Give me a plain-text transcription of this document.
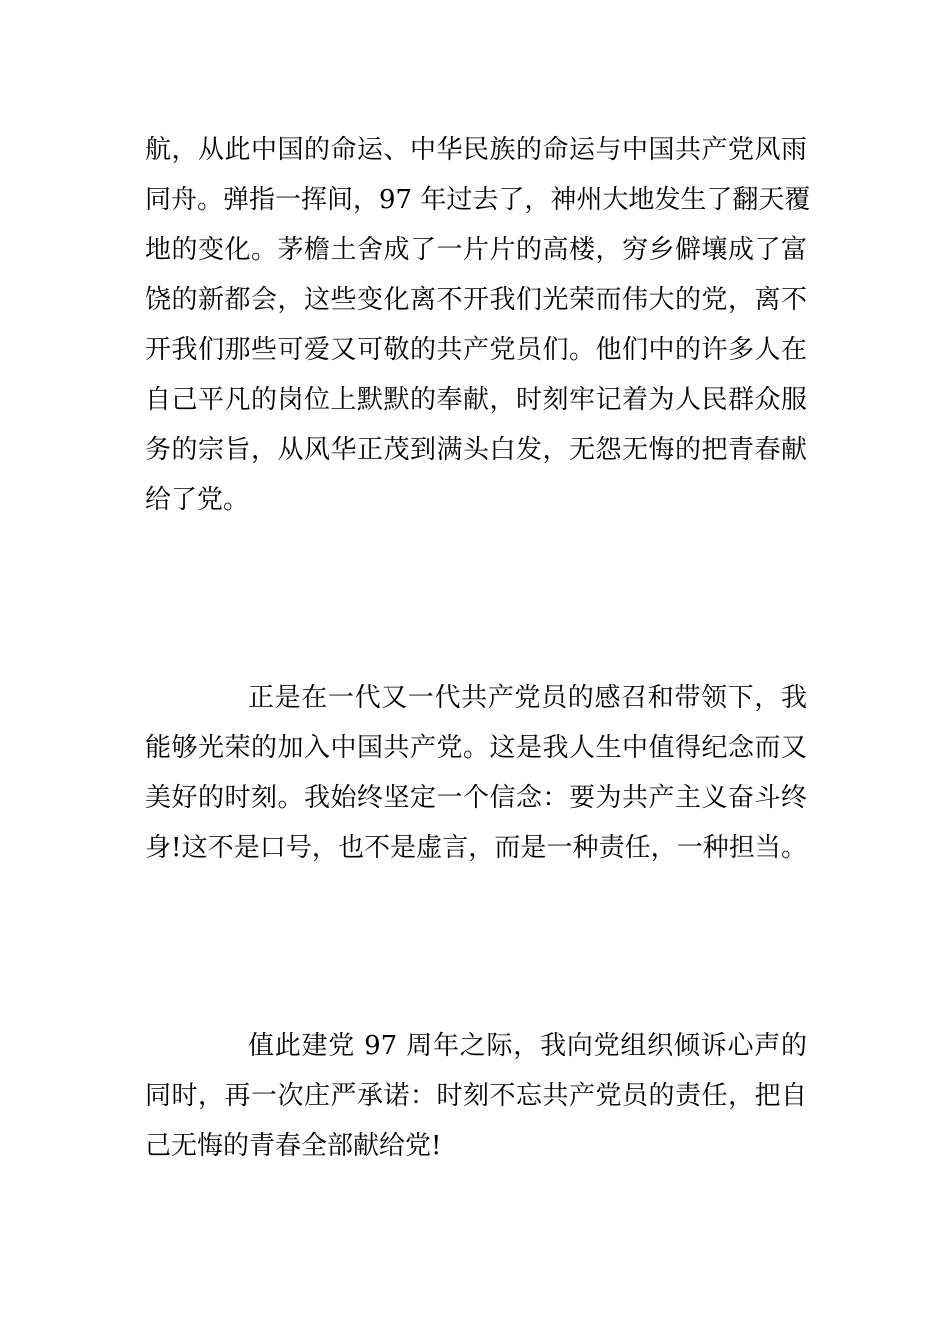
航，从此中国的命运、中华民族的命运与中国共产党风雨

同舟。弹指一挥间，97 年过去了，神州大地发生了翻天覆

地的变化。茅檐土舍成了一片片的高楼，穷乡僻壤成了富

饶的新都会，这些变化离不开我们光荣而伟大的党，离不

开我们那些可爱又可敬的共产党员们。他们中的许多人在

自己平凡的岗位上默默的奉献，时刻牢记着为人民群众服

务的宗旨，从风华正茂到满头白发，无怨无悔的把青春献

给了党。

正是在一代又一代共产党员的感召和带领下，我

能够光荣的加入中国共产党。这是我人生中值得纪念而又

美好的时刻。我始终坚定一个信念：要为共产主义奋斗终

身!这不是口号，也不是虚言，而是一种责任，一种担当。

值此建党 97 周年之际，我向党组织倾诉心声的

同时，再一次庄严承诺：时刻不忘共产党员的责任，把自

己无悔的青春全部献给党!
